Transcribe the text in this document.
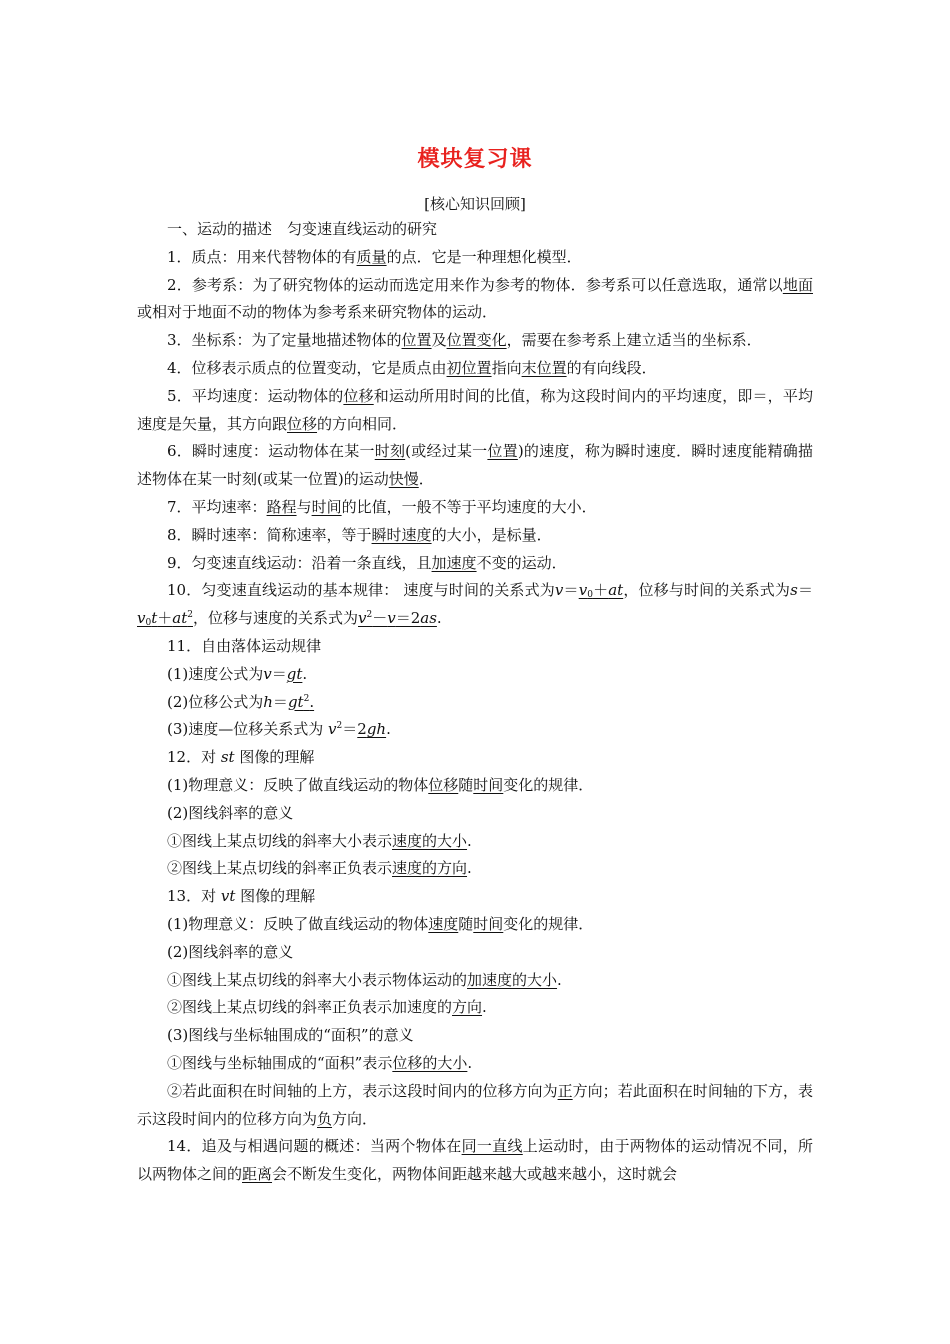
模块复习课
[核心知识回顾]

一、运动的描述　匀变速直线运动的研究

1．质点：用来代替物体的有质量的点．它是一种理想化模型．

2．参考系：为了研究物体的运动而选定用来作为参考的物体．参考系可以任意选取，通常以地面或相对于地面不动的物体为参考系来研究物体的运动．

3．坐标系：为了定量地描述物体的位置及位置变化，需要在参考系上建立适当的坐标系．

4．位移表示质点的位置变动，它是质点由初位置指向末位置的有向线段．

5．平均速度：运动物体的位移和运动所用时间的比值，称为这段时间内的平均速度，即＝，平均速度是矢量，其方向跟位移的方向相同．

6．瞬时速度：运动物体在某一时刻(或经过某一位置)的速度，称为瞬时速度．瞬时速度能精确描述物体在某一时刻(或某一位置)的运动快慢．

7．平均速率：路程与时间的比值，一般不等于平均速度的大小．

8．瞬时速率：简称速率，等于瞬时速度的大小，是标量．

9．匀变速直线运动：沿着一条直线，且加速度不变的运动．

10．匀变速直线运动的基本规律： 速度与时间的关系式为$v=v_0+at$，位移与时间的关系式为$s=v_0t+at^2$，位移与速度的关系式为$v^2-v=2as$.

11．自由落体运动规律

(1)速度公式为v＝gt.

(2)位移公式为$h=gt^2$.

(3)速度—位移关系式为 $v^2=2gh$.

12．对 st 图像的理解

(1)物理意义：反映了做直线运动的物体位移随时间变化的规律．

(2)图线斜率的意义

①图线上某点切线的斜率大小表示速度的大小.

②图线上某点切线的斜率正负表示速度的方向.

13．对 vt 图像的理解

(1)物理意义：反映了做直线运动的物体速度随时间变化的规律．

(2)图线斜率的意义

①图线上某点切线的斜率大小表示物体运动的加速度的大小.

②图线上某点切线的斜率正负表示加速度的方向.

(3)图线与坐标轴围成的“面积”的意义

①图线与坐标轴围成的“面积”表示位移的大小.

②若此面积在时间轴的上方，表示这段时间内的位移方向为正方向；若此面积在时间轴的下方，表示这段时间内的位移方向为负方向．

14．追及与相遇问题的概述：当两个物体在同一直线上运动时，由于两物体的运动情况不同，所以两物体之间的距离会不断发生变化，两物体间距越来越大或越来越小，这时就会
